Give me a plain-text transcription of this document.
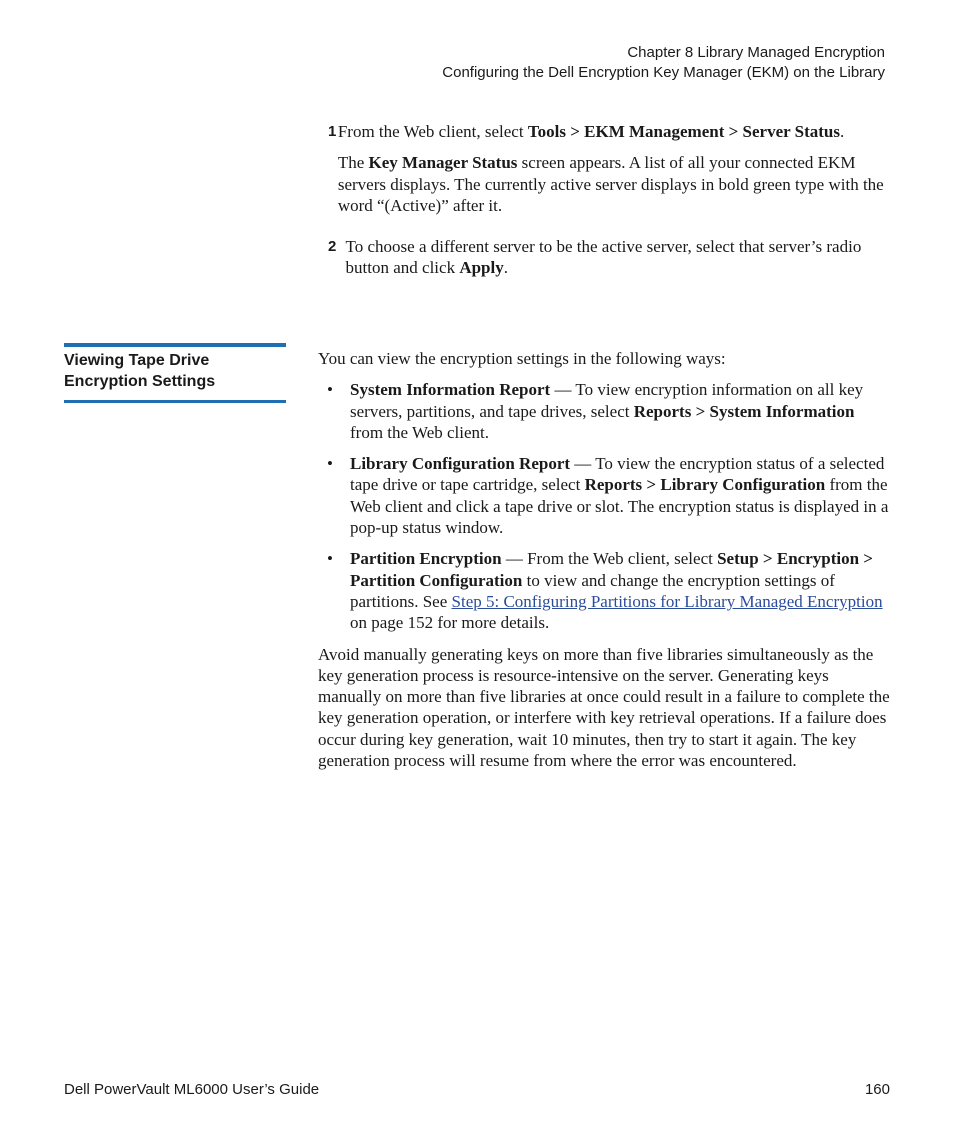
Chapter 8 Library Managed Encryption
Configuring the Dell Encryption Key Manager (EKM) on the Library
1 From the Web client, select Tools > EKM Management > Server Status.

The Key Manager Status screen appears. A list of all your connected EKM servers displays. The currently active server displays in bold green type with the word “(Active)” after it.

2 To choose a different server to be the active server, select that server’s radio button and click Apply.

Viewing Tape Drive Encryption Settings

You can view the encryption settings in the following ways:

• System Information Report — To view encryption information on all key servers, partitions, and tape drives, select Reports > System Information from the Web client.
• Library Configuration Report — To view the encryption status of a selected tape drive or tape cartridge, select Reports > Library Configuration from the Web client and click a tape drive or slot. The encryption status is displayed in a pop-up status window.
• Partition Encryption — From the Web client, select Setup > Encryption > Partition Configuration to view and change the encryption settings of partitions. See Step 5: Configuring Partitions for Library Managed Encryption on page 152 for more details.

Avoid manually generating keys on more than five libraries simultaneously as the key generation process is resource-intensive on the server. Generating keys manually on more than five libraries at once could result in a failure to complete the key generation operation, or interfere with key retrieval operations. If a failure does occur during key generation, wait 10 minutes, then try to start it again. The key generation process will resume from where the error was encountered.

Dell PowerVault ML6000 User’s Guide	160
